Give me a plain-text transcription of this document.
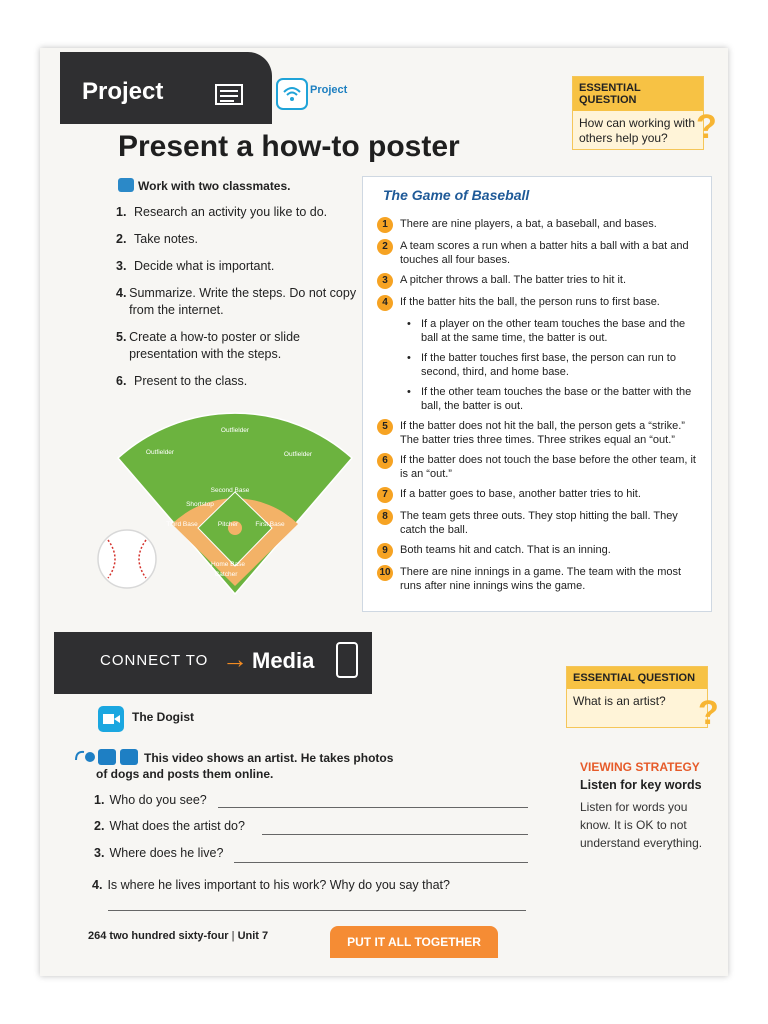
Project	Project	ESSENTIAL QUESTION
How can working with others help you? ?
Present a how-to poster
Work with two classmates.
1. Research an activity you like to do.
2. Take notes.
3. Decide what is important.
4. Summarize. Write the steps. Do not copy from the internet.
5. Create a how-to poster or slide presentation with the steps.
6. Present to the class.
Outfielder
Outfielder	Outfielder
Second Base
Shortstop
Third Base	Pitcher	First Base
Home Base
Catcher
The Game of Baseball
1	There are nine players, a bat, a baseball, and bases.
2	A team scores a run when a batter hits a ball with a bat and touches all four bases.
3	A pitcher throws a ball. The batter tries to hit it.
4	If the batter hits the ball, the person runs to first base.
• If a player on the other team touches the base and the ball at the same time, the batter is out.
• If the batter touches first base, the person can run to second, third, and home base.
• If the other team touches the base or the batter with the ball, the batter is out.
5	If the batter does not hit the ball, the person gets a “strike.” The batter tries three times. Three strikes equal an “out.”
6	If the batter does not touch the base before the other team, it is an “out.”
7	If a batter goes to base, another batter tries to hit.
8	The team gets three outs. They stop hitting the ball. They catch the ball.
9	Both teams hit and catch. That is an inning.
10 There are nine innings in a game. The team with the most runs after nine innings wins the game.
CONNECT TO → Media
ESSENTIAL QUESTION
What is an artist? ?
The Dogist
This video shows an artist. He takes photos
of dogs and posts them online.
1. Who do you see?
2. What does the artist do?
3. Where does he live?
4. Is where he lives important to his work? Why do you say that?
VIEWING STRATEGY
Listen for key words
Listen for words you know. It is OK to not understand everything.
264 two hundred sixty-four | Unit 7	PUT IT ALL TOGETHER
